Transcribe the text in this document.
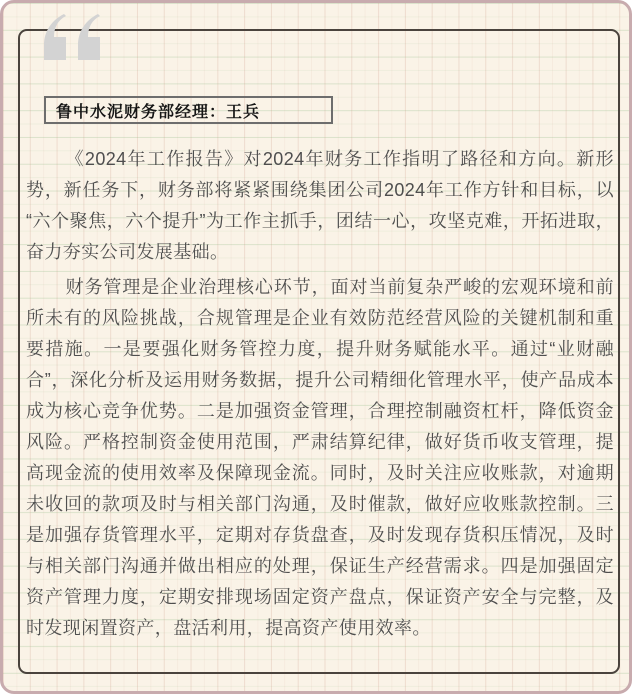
鲁中水泥财务部经理：王兵

《2024年工作报告》对2024年财务工作指明了路径和方向。新形势，新任务下，财务部将紧紧围绕集团公司2024年工作方针和目标，以“六个聚焦，六个提升”为工作主抓手，团结一心，攻坚克难，开拓进取，奋力夯实公司发展基础。

财务管理是企业治理核心环节，面对当前复杂严峻的宏观环境和前所未有的风险挑战，合规管理是企业有效防范经营风险的关键机制和重要措施。一是要强化财务管控力度，提升财务赋能水平。通过“业财融合”，深化分析及运用财务数据，提升公司精细化管理水平，使产品成本成为核心竞争优势。二是加强资金管理，合理控制融资杠杆，降低资金风险。严格控制资金使用范围，严肃结算纪律，做好货币收支管理，提高现金流的使用效率及保障现金流。同时，及时关注应收账款，对逾期未收回的款项及时与相关部门沟通，及时催款，做好应收账款控制。三是加强存货管理水平，定期对存货盘查，及时发现存货积压情况，及时与相关部门沟通并做出相应的处理，保证生产经营需求。四是加强固定资产管理力度，定期安排现场固定资产盘点，保证资产安全与完整，及时发现闲置资产，盘活利用，提高资产使用效率。
